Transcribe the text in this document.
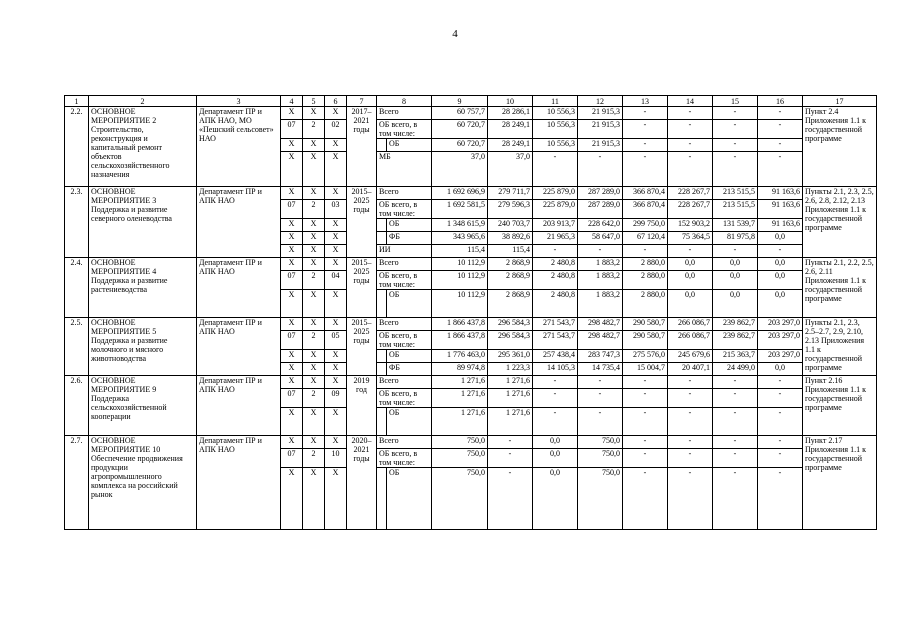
4
1	2	3	4	5	6	7	8		9	10	11	12	13	14	15	16	17
2.2.	ОСНОВНОЕ МЕРОПРИЯТИЕ 2 Строительство, реконструкция и капитальный ремонт объектов сельскохозяйственного назначения	Департамент ПР и АПК НАО, МО «Пешский сельсовет» НАО	Х	Х	Х	2017–2021 годы	Всего		60 757,7	28 286,1	10 556,3	21 915,3	-	-	-	-	Пункт 2.4 Приложения 1.1 к государственной программе
			07	2	02		ОБ всего, в том числе:		60 720,7	28 249,1	10 556,3	21 915,3	-	-	-	-	
			Х	Х	Х			ОБ	60 720,7	28 249,1	10 556,3	21 915,3	-	-	-	-	
			Х	Х	Х		МБ		37,0	37,0	-	-	-	-	-	-	
2.3.	ОСНОВНОЕ МЕРОПРИЯТИЕ 3 Поддержка и развитие северного оленеводства	Департамент ПР и АПК НАО	Х	Х	Х	2015–2025 годы	Всего		1 692 696,9	279 711,7	225 879,0	287 289,0	366 870,4	228 267,7	213 515,5	91 163,6	Пункты 2.1, 2.3, 2.5, 2.6, 2.8, 2.12, 2.13 Приложения 1.1 к государственной программе
			07	2	03		ОБ всего, в том числе:		1 692 581,5	279 596,3	225 879,0	287 289,0	366 870,4	228 267,7	213 515,5	91 163,6	
			Х	Х	Х			ОБ	1 348 615,9	240 703,7	203 913,7	228 642,0	299 750,0	152 903,2	131 539,7	91 163,6	
			Х	Х	Х			ФБ	343 965,6	38 892,6	21 965,3	58 647,0	67 120,4	75 364,5	81 975,8	0,0	
			Х	Х	Х		ИИ		115,4	115,4	-	-	-	-	-	-	
2.4.	ОСНОВНОЕ МЕРОПРИЯТИЕ 4 Поддержка и развитие растениеводства	Департамент ПР и АПК НАО	Х	Х	Х	2015–2025 годы	Всего		10 112,9	2 868,9	2 480,8	1 883,2	2 880,0	0,0	0,0	0,0	Пункты 2.1, 2.2, 2.5, 2.6, 2.11 Приложения 1.1 к государственной программе
			07	2	04		ОБ всего, в том числе:		10 112,9	2 868,9	2 480,8	1 883,2	2 880,0	0,0	0,0	0,0	
			Х	Х	Х			ОБ	10 112,9	2 868,9	2 480,8	1 883,2	2 880,0	0,0	0,0	0,0	
2.5.	ОСНОВНОЕ МЕРОПРИЯТИЕ 5 Поддержка и развитие молочного и мясного животноводства	Департамент ПР и АПК НАО	Х	Х	Х	2015–2025 годы	Всего		1 866 437,8	296 584,3	271 543,7	298 482,7	290 580,7	266 086,7	239 862,7	203 297,0	Пункты 2.1, 2.3, 2.5–2.7, 2.9, 2.10, 2.13 Приложения 1.1 к государственной программе
			07	2	05		ОБ всего, в том числе:		1 866 437,8	296 584,3	271 543,7	298 482,7	290 580,7	266 086,7	239 862,7	203 297,0	
			Х	Х	Х			ОБ	1 776 463,0	295 361,0	257 438,4	283 747,3	275 576,0	245 679,6	215 363,7	203 297,0	
			Х	Х	Х			ФБ	89 974,8	1 223,3	14 105,3	14 735,4	15 004,7	20 407,1	24 499,0	0,0	
2.6.	ОСНОВНОЕ МЕРОПРИЯТИЕ 9 Поддержка сельскохозяйственной кооперации	Департамент ПР и АПК НАО	Х	Х	Х	2019 год	Всего		1 271,6	1 271,6	-	-	-	-	-	-	Пункт 2.16 Приложения 1.1 к государственной программе
			07	2	09		ОБ всего, в том числе:		1 271,6	1 271,6	-	-	-	-	-	-	
			Х	Х	Х			ОБ	1 271,6	1 271,6	-	-	-	-	-	-	
2.7.	ОСНОВНОЕ МЕРОПРИЯТИЕ 10 Обеспечение продвижения продукции агропромышленного комплекса на российский рынок	Департамент ПР и АПК НАО	Х	Х	Х	2020–2021 годы	Всего		750,0	-	0,0	750,0	-	-	-	-	Пункт 2.17 Приложения 1.1 к государственной программе
			07	2	10		ОБ всего, в том числе:		750,0	-	0,0	750,0	-	-	-	-	
			Х	Х	Х			ОБ	750,0	-	0,0	750,0	-	-	-	-	
